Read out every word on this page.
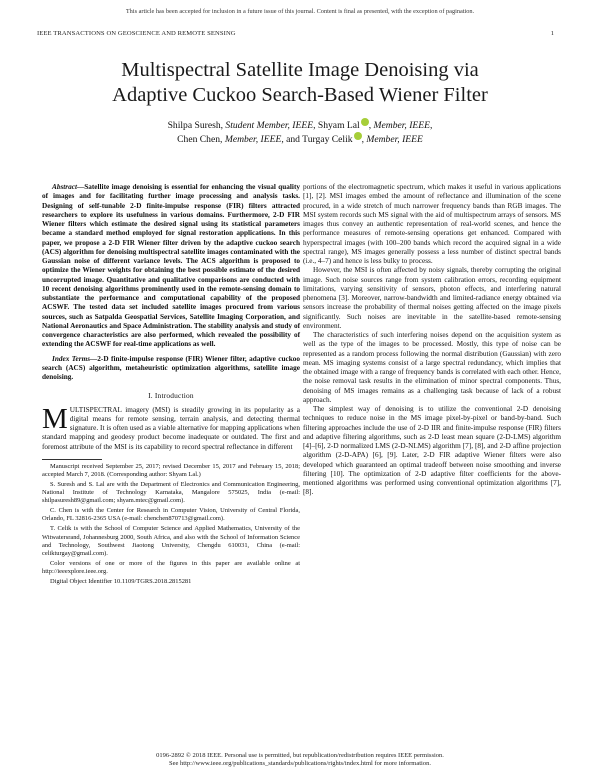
This article has been accepted for inclusion in a future issue of this journal. Content is final as presented, with the exception of pagination.
IEEE TRANSACTIONS ON GEOSCIENCE AND REMOTE SENSING	1
Multispectral Satellite Image Denoising via
Adaptive Cuckoo Search-Based Wiener Filter
Shilpa Suresh, Student Member, IEEE, Shyam Lal , Member, IEEE,
Chen Chen, Member, IEEE, and Turgay Celik , Member, IEEE

Abstract—Satellite image denoising is essential for enhancing the visual quality of images and for facilitating further image processing and analysis tasks. Designing of self-tunable 2-D finite-impulse response (FIR) filters attracted researchers to explore its usefulness in various domains. Furthermore, 2-D FIR Wiener filters which estimate the desired signal using its statistical parameters became a standard method employed for signal restoration applications. In this paper, we propose a 2-D FIR Wiener filter driven by the adaptive cuckoo search (ACS) algorithm for denoising multispectral satellite images contaminated with the Gaussian noise of different variance levels. The ACS algorithm is proposed to optimize the Wiener weights for obtaining the best possible estimate of the desired uncorrupted image. Quantitative and qualitative comparisons are conducted with 10 recent denoising algorithms prominently used in the remote-sensing domain to substantiate the performance and computational capability of the proposed ACSWF. The tested data set included satellite images procured from various sources, such as Satpalda Geospatial Services, Satellite Imaging Corporation, and National Aeronautics and Space Administration. The stability analysis and study of convergence characteristics are also performed, which revealed the possibility of extending the ACSWF for real-time applications as well.

Index Terms—2-D finite-impulse response (FIR) Wiener filter, adaptive cuckoo search (ACS) algorithm, metaheuristic optimization algorithms, satellite image denoising.

I. Introduction

MULTISPECTRAL imagery (MSI) is steadily growing in its popularity as a digital means for remote sensing, terrain analysis, and detecting thermal signature. It is often used as a viable alternative for mapping applications when standard mapping and geodesy product become inadequate or outdated. The first and foremost attribute of the MSI is its capability to record spectral reflectance in different

Manuscript received September 25, 2017; revised December 15, 2017 and February 15, 2018; accepted March 7, 2018. (Corresponding author: Shyam Lal.)

S. Suresh and S. Lal are with the Department of Electronics and Communication Engineering, National Institute of Technology Karnataka, Mangalore 575025, India (e-mail: shilpasuresh89@gmail.com; shyam.mtec@gmail.com).

C. Chen is with the Center for Research in Computer Vision, University of Central Florida, Orlando, FL 32816-2365 USA (e-mail: chenchen870713@gmail.com).

T. Celik is with the School of Computer Science and Applied Mathematics, University of the Witwatersrand, Johannesburg 2000, South Africa, and also with the School of Information Science and Technology, Southwest Jiaotong University, Chengdu 610031, China (e-mail: celikturgay@gmail.com).

Color versions of one or more of the figures in this paper are available online at http://ieeexplore.ieee.org.

Digital Object Identifier 10.1109/TGRS.2018.2815281

portions of the electromagnetic spectrum, which makes it useful in various applications [1], [2]. MSI images embed the amount of reflectance and illumination of the scene procured, in a wide stretch of much narrower frequency bands than RGB images. The MSI system records such MS signal with the aid of multispectrum arrays of sensors. MS images thus convey an authentic representation of real-world scenes, and hence the performance measures of remote-sensing operations get enhanced. Compared with hyperspectral images (with 100–200 bands which record the acquired signal in a wide spectral range), MS images generally possess a less number of distinct spectral bands (i.e., 4–7) and hence is less bulky to process.

However, the MSI is often affected by noisy signals, thereby corrupting the original image. Such noise sources range from system calibration errors, recording equipment limitations, varying sensitivity of sensors, photon effects, and interfering natural phenomena [3]. Moreover, narrow-bandwidth and limited-radiance energy obtained via sensors increase the probability of thermal noises getting affected on the image pixels significantly. Such noises are inevitable in the satellite-based remote-sensing environment.

The characteristics of such interfering noises depend on the acquisition system as well as the type of the images to be processed. Mostly, this type of noise can be represented as a random process following the normal distribution (Gaussian) with zero mean. MS imaging systems consist of a large spectral redundancy, which implies that the obtained image with a range of frequency bands is correlated with each other. Hence, the noise removal task results in the elimination of minor spectral components. Thus, denoising of MS images remains as a challenging task because of lack of a robust approach.

The simplest way of denoising is to utilize the conventional 2-D denoising techniques to reduce noise in the MS image pixel-by-pixel or band-by-band. Such filtering approaches include the use of 2-D IIR and finite-impulse response (FIR) filters and adaptive filtering algorithms, such as 2-D least mean square (2-D-LMS) algorithm [4]–[6], 2-D normalized LMS (2-D-NLMS) algorithm [7], [8], and 2-D affine projection algorithm (2-D-APA) [6], [9]. Later, 2-D FIR adaptive Wiener filters were also developed which guaranteed an optimal tradeoff between noise smoothing and inverse filtering [10]. The optimization of 2-D adaptive filter coefficients for the above-mentioned algorithms was performed using conventional optimization algorithms [7], [8].

0196-2892 © 2018 IEEE. Personal use is permitted, but republication/redistribution requires IEEE permission.
See http://www.ieee.org/publications_standards/publications/rights/index.html for more information.
